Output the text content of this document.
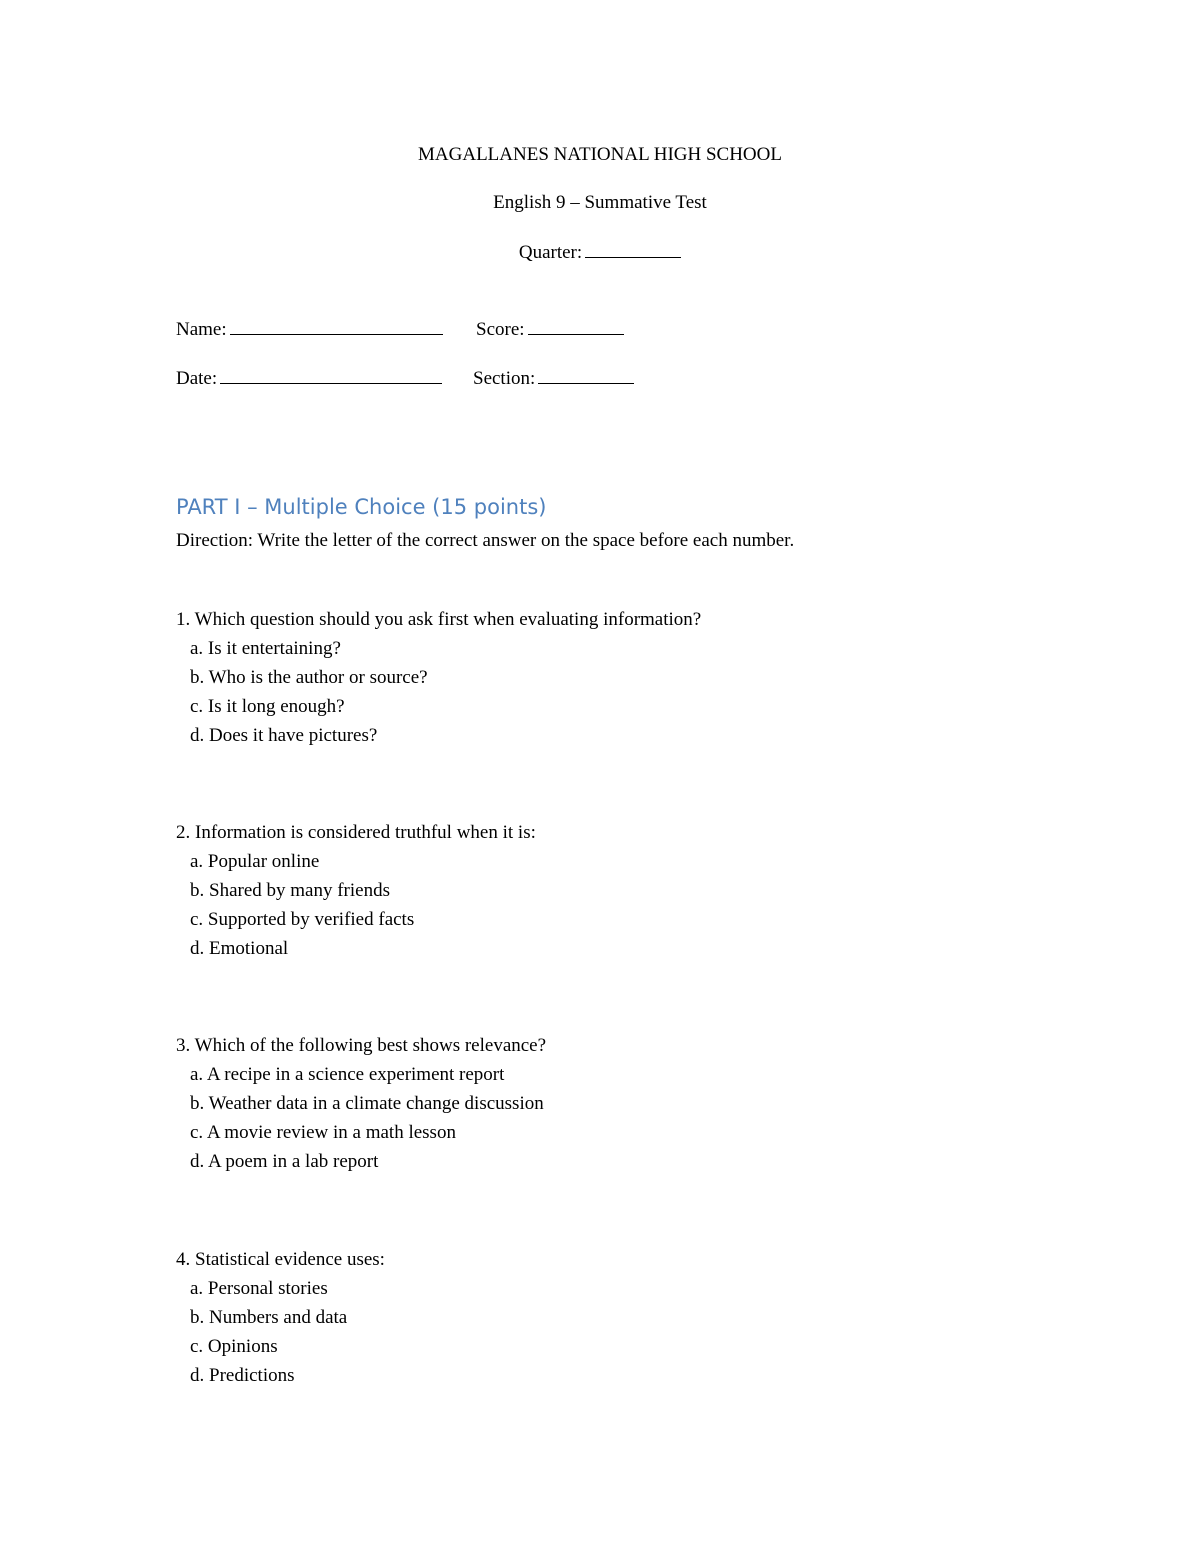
MAGALLANES NATIONAL HIGH SCHOOL
English 9 – Summative Test
Quarter:

Name:

	Score:

Date:

	Section:

PART I – Multiple Choice (15 points)
Direction: Write the letter of the correct answer on the space before each number.
1. Which question should you ask first when evaluating information?
a. Is it entertaining?
b. Who is the author or source?
c. Is it long enough?
d. Does it have pictures?
2. Information is considered truthful when it is:
a. Popular online
b. Shared by many friends
c. Supported by verified facts
d. Emotional
3. Which of the following best shows relevance?
a. A recipe in a science experiment report
b. Weather data in a climate change discussion
c. A movie review in a math lesson
d. A poem in a lab report
4. Statistical evidence uses:
a. Personal stories
b. Numbers and data
c. Opinions
d. Predictions
